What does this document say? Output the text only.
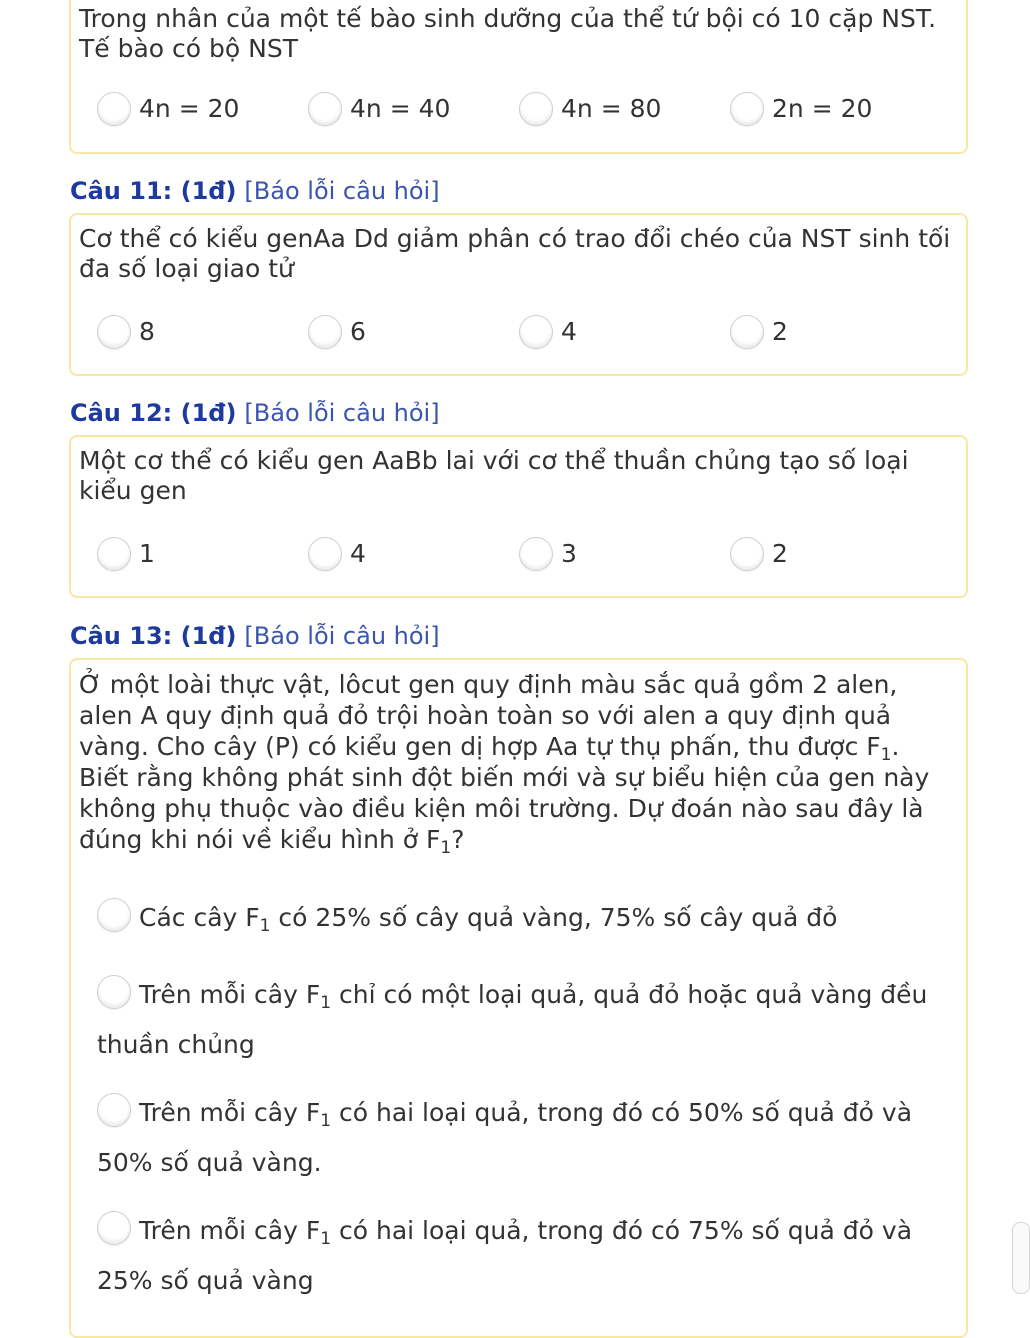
Trong nhân của một tế bào sinh dưỡng của thể tứ bội có 10 cặp NST. Tế bào có bộ NST
4n = 20	4n = 40	4n = 80	2n = 20
Câu 11: (1đ) [Báo lỗi câu hỏi]
Cơ thể có kiểu genAa Dd giảm phân có trao đổi chéo của NST sinh tối đa số loại giao tử
8	6	4	2
Câu 12: (1đ) [Báo lỗi câu hỏi]
Một cơ thể có kiểu gen AaBb lai với cơ thể thuần chủng tạo số loại kiểu gen
1	4	3	2
Câu 13: (1đ) [Báo lỗi câu hỏi]
Ở một loài thực vật, lôcut gen quy định màu sắc quả gồm 2 alen, alen A quy định quả đỏ trội hoàn toàn so với alen a quy định quả vàng. Cho cây (P) có kiểu gen dị hợp Aa tự thụ phấn, thu được $F_1$. Biết rằng không phát sinh đột biến mới và sự biểu hiện của gen này không phụ thuộc vào điều kiện môi trường. Dự đoán nào sau đây là đúng khi nói về kiểu hình ở $F_1$?
Các cây $F_1$ có 25% số cây quả vàng, 75% số cây quả đỏ
Trên mỗi cây $F_1$ chỉ có một loại quả, quả đỏ hoặc quả vàng đều thuần chủng
Trên mỗi cây $F_1$ có hai loại quả, trong đó có 50% số quả đỏ và 50% số quả vàng.
Trên mỗi cây $F_1$ có hai loại quả, trong đó có 75% số quả đỏ và 25% số quả vàng
